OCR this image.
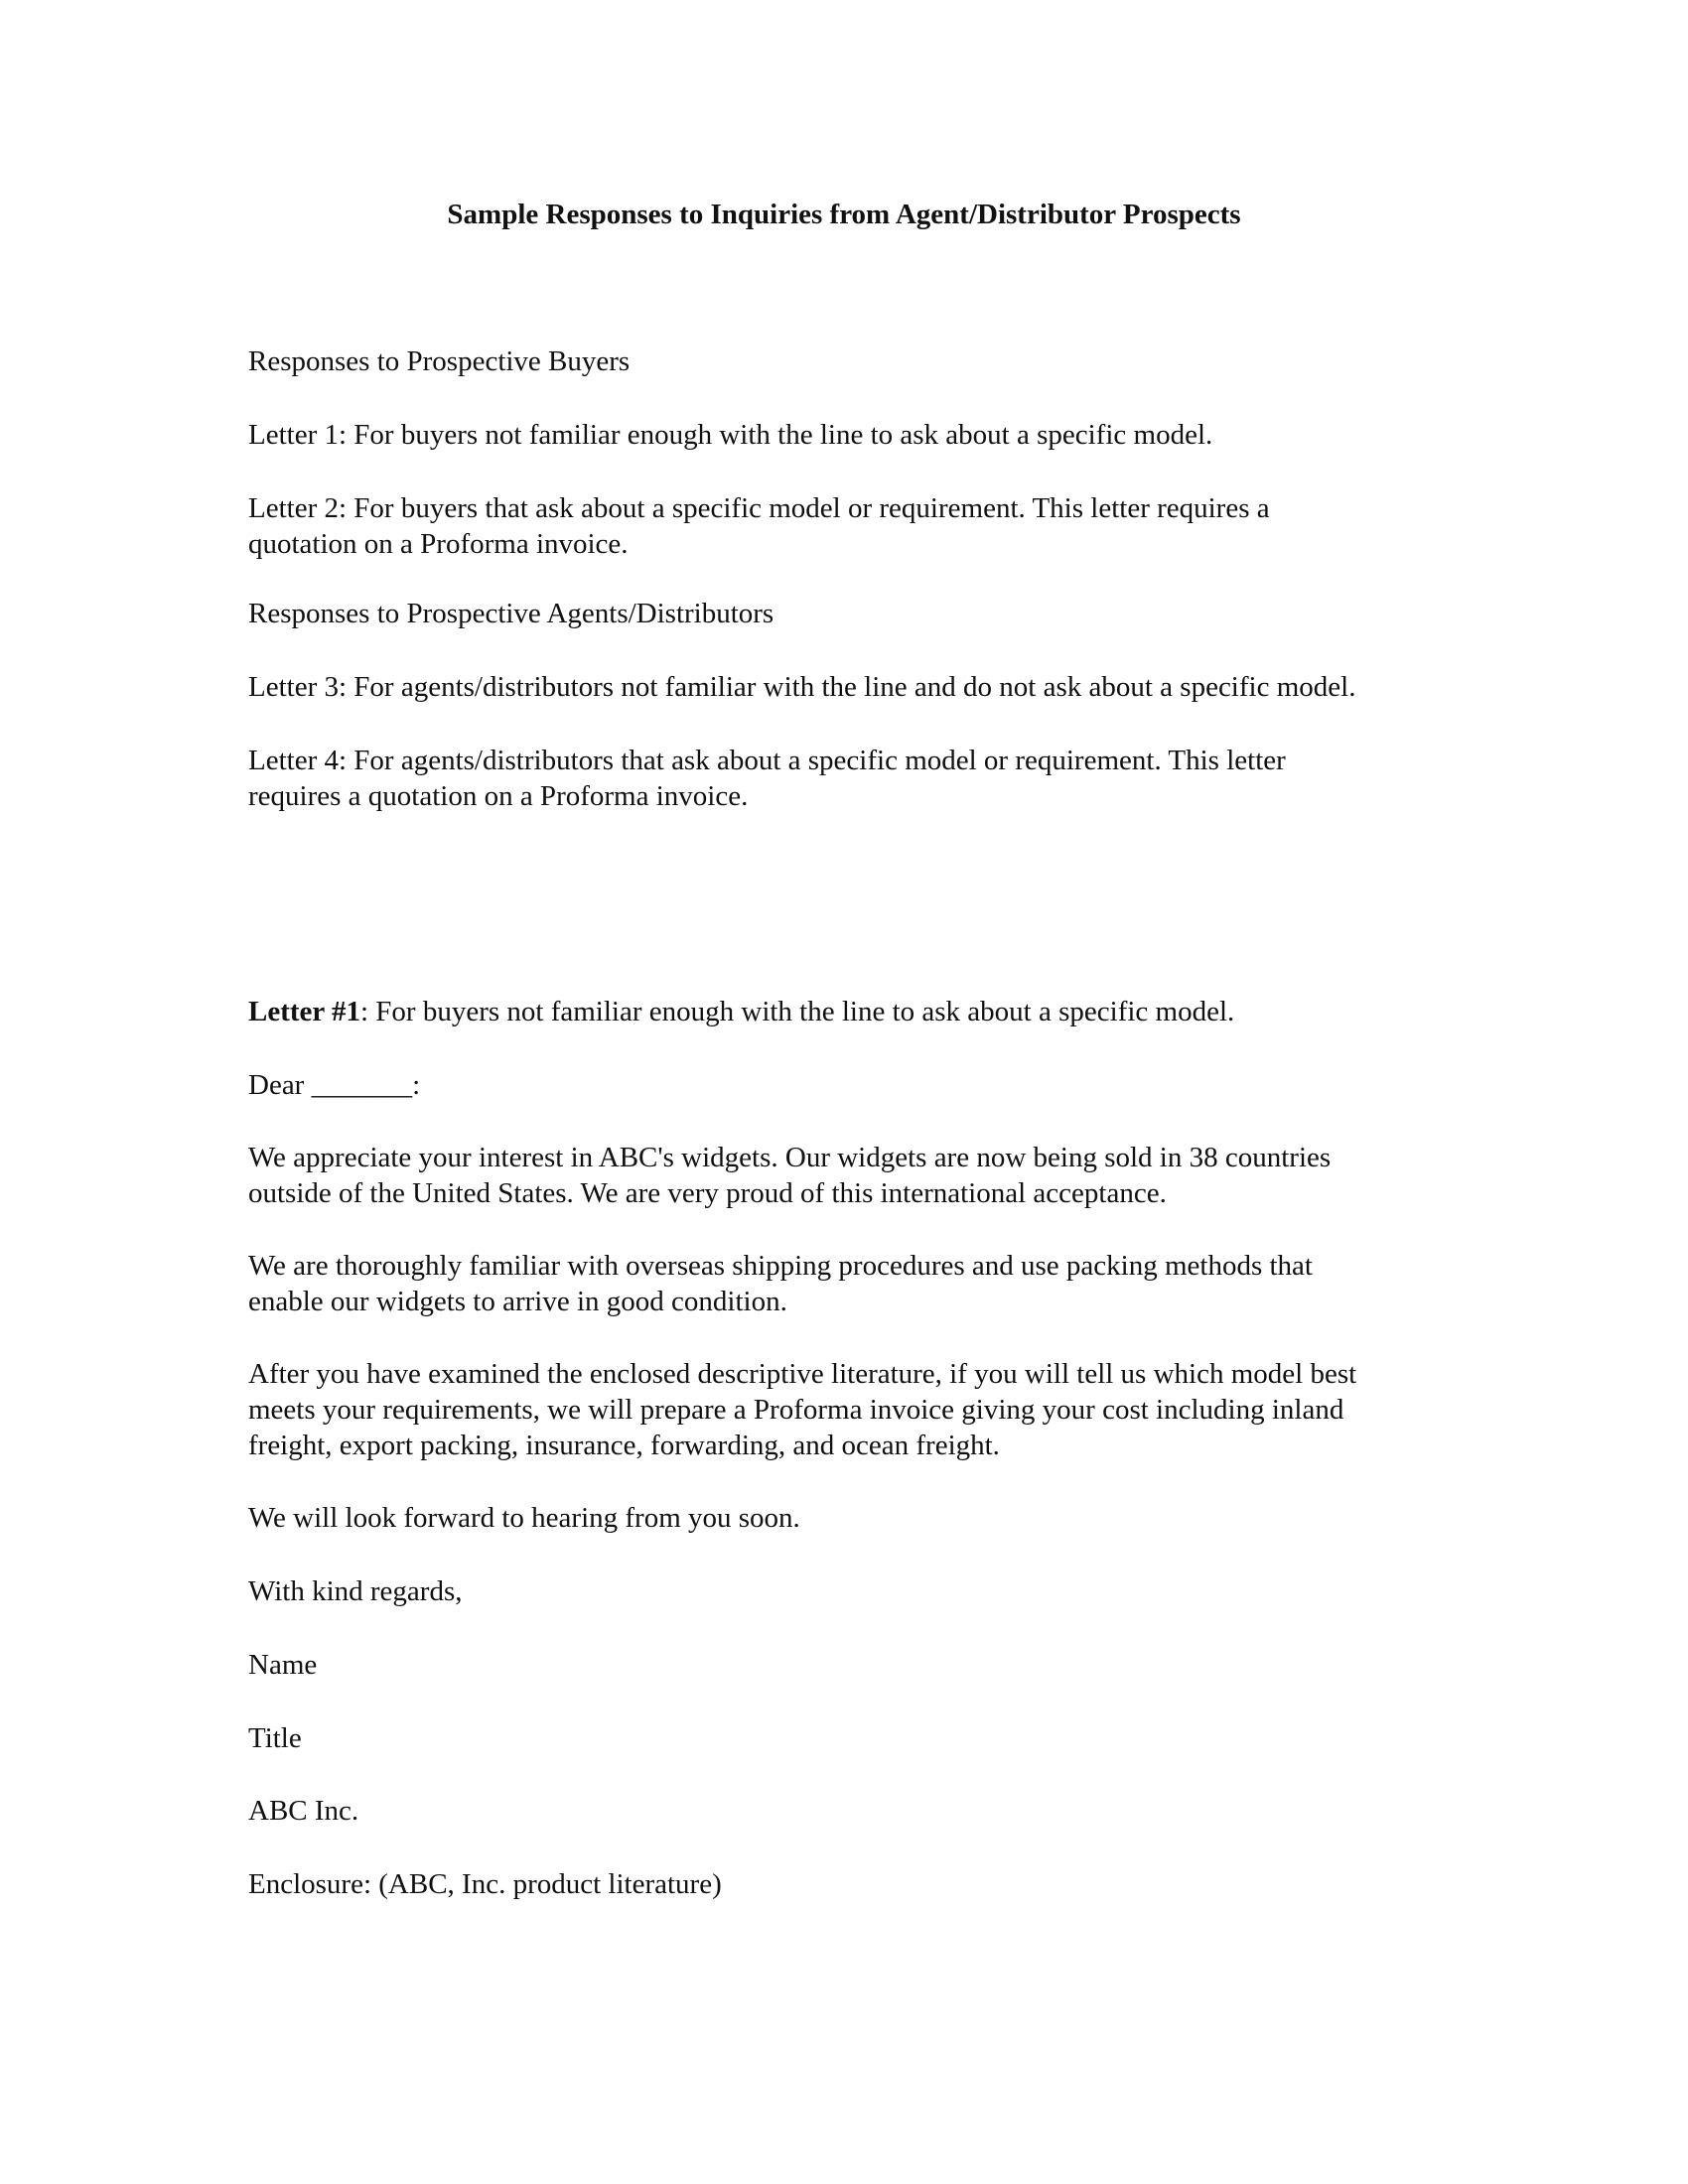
Sample Responses to Inquiries from Agent/Distributor Prospects
Responses to Prospective Buyers
Letter 1: For buyers not familiar enough with the line to ask about a specific model.
Letter 2: For buyers that ask about a specific model or requirement. This letter requires a
quotation on a Proforma invoice.
Responses to Prospective Agents/Distributors
Letter 3: For agents/distributors not familiar with the line and do not ask about a specific model.
Letter 4: For agents/distributors that ask about a specific model or requirement. This letter
requires a quotation on a Proforma invoice.
Letter #1: For buyers not familiar enough with the line to ask about a specific model.
Dear _______:
We appreciate your interest in ABC's widgets. Our widgets are now being sold in 38 countries
outside of the United States. We are very proud of this international acceptance.
We are thoroughly familiar with overseas shipping procedures and use packing methods that
enable our widgets to arrive in good condition.
After you have examined the enclosed descriptive literature, if you will tell us which model best
meets your requirements, we will prepare a Proforma invoice giving your cost including inland
freight, export packing, insurance, forwarding, and ocean freight.
We will look forward to hearing from you soon.
With kind regards,
Name
Title
ABC Inc.
Enclosure: (ABC, Inc. product literature)
